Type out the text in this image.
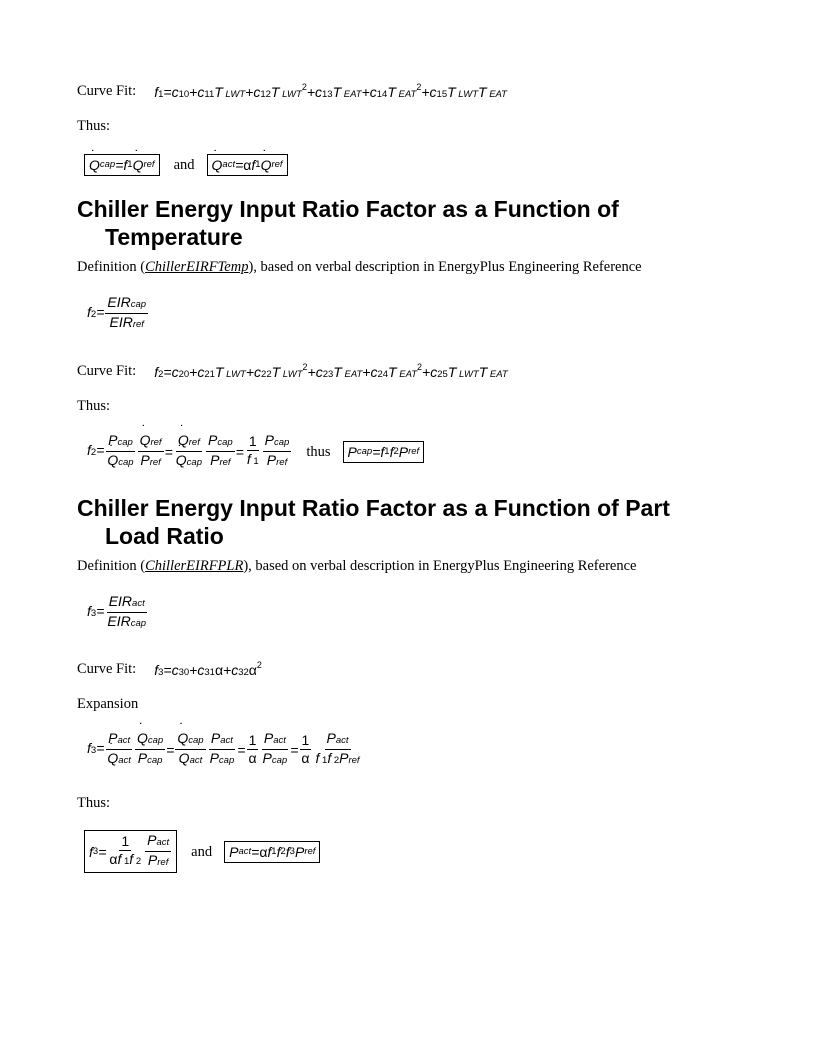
Curve Fit: f1=c10+c11T LWT+c12T $LWT^2+c13T$ EAT+c14T $EAT^2+c15T$ LWTT EAT
Thus:
˙ Q cap =f 1 ˙ Q ref and ˙ Q act = α f 1 ˙ Q ref
Chiller Energy Input Ratio Factor as a Function of
Temperature
Definition (ChillerEIRFTemp), based on verbal description in EnergyPlus Engineering Reference
$f2= \frac{\text{EIRcap}}{\text{EIRref}}$
Curve Fit: f2=c20+c21T LWT+c22T $LWT^2+c23T$ EAT+c24T $EAT^2+c25T$ LWTT EAT
Thus:
f2= Pcap
˙ Qcap ˙ $\frac{\text{Qref}}{\text{Pref}}$ = ˙ Qref
˙ Qcap $\frac{\text{Pcap}}{\text{Pref}} = \frac{1}{f 1} \frac{\text{Pcap}}{\text{Pref}}$ thus	P cap =f 1 f 2 P ref
Chiller Energy Input Ratio Factor as a Function of Part
Load Ratio
Definition (ChillerEIRFPLR), based on verbal description in EnergyPlus Engineering Reference
$f3= \frac{\text{EIRact}}{\text{EIRcap}}$
Curve Fit: $f3=c30+c31\alpha+c32\alpha^2$
Expansion
f3= Pact
˙ Qact ˙ $\frac{\text{Qcap}}{\text{Pcap}}$ = ˙ Qcap
˙ Qact $\frac{\text{Pact}}{\text{Pcap}} = \frac{1}{\alpha} \frac{\text{Pact}}{\text{Pcap}} = \frac{1}{\alpha} \frac{\text{Pact}}{\text{f 1f 2Pref}}$
Thus:
f $3 = \frac{1}{\alpha f 1f 2} \frac{\text{Pact}}{\text{Pref}}$ and	P act = α f 1 f 2 f 3 P ref
